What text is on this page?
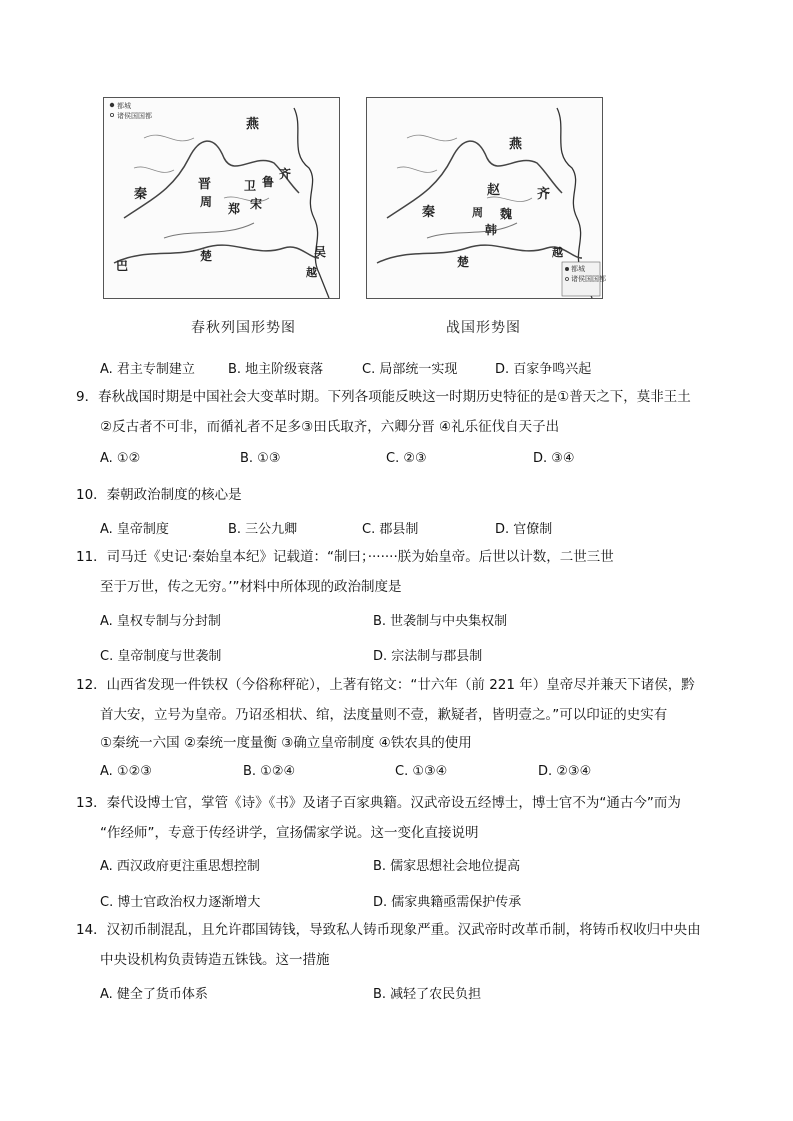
都城
诸侯国国都
燕
晋	卫 鲁
齐
秦	周 郑 宋
楚	吴
越
巴
春秋列国形势图
都城
诸侯国国都
燕
赵	齐
秦	周 魏
韩
楚
越
战国形势图
A. 君主专制建立	B. 地主阶级衰落	C. 局部统一实现	D. 百家争鸣兴起
9．春秋战国时期是中国社会大变革时期。下列各项能反映这一时期历史特征的是①普天之下，莫非王土
②反古者不可非，而循礼者不足多③田氏取齐，六卿分晋 ④礼乐征伐自天子出
A. ①②	B. ①③	C. ②③	D. ③④
10．秦朝政治制度的核心是
A. 皇帝制度	B. 三公九卿	C. 郡县制	D. 官僚制
11．司马迁《史记·秦始皇本纪》记载道：“制曰；·······朕为始皇帝。后世以计数，二世三世
至于万世，传之无穷。’”材料中所体现的政治制度是
A. 皇权专制与分封制	B. 世袭制与中央集权制
C. 皇帝制度与世袭制	D. 宗法制与郡县制
12．山西省发现一件铁权（今俗称秤砣），上著有铭文：“廿六年（前 221 年）皇帝尽并兼天下诸侯，黔
首大安，立号为皇帝。乃诏丞相状、绾，法度量则不壹，歉疑者，皆明壹之。”可以印证的史实有
①秦统一六国 ②秦统一度量衡 ③确立皇帝制度 ④铁农具的使用
A. ①②③	B. ①②④	C. ①③④	D. ②③④
13．秦代设博士官，掌管《诗》《书》及诸子百家典籍。汉武帝设五经博士，博士官不为“通古今”而为
“作经师”，专意于传经讲学，宣扬儒家学说。这一变化直接说明
A. 西汉政府更注重思想控制	B. 儒家思想社会地位提高
C. 博士官政治权力逐渐增大	D. 儒家典籍亟需保护传承
14．汉初币制混乱，且允许郡国铸钱，导致私人铸币现象严重。汉武帝时改革币制，将铸币权收归中央由
中央设机构负责铸造五铢钱。这一措施
A. 健全了货币体系	B. 减轻了农民负担
